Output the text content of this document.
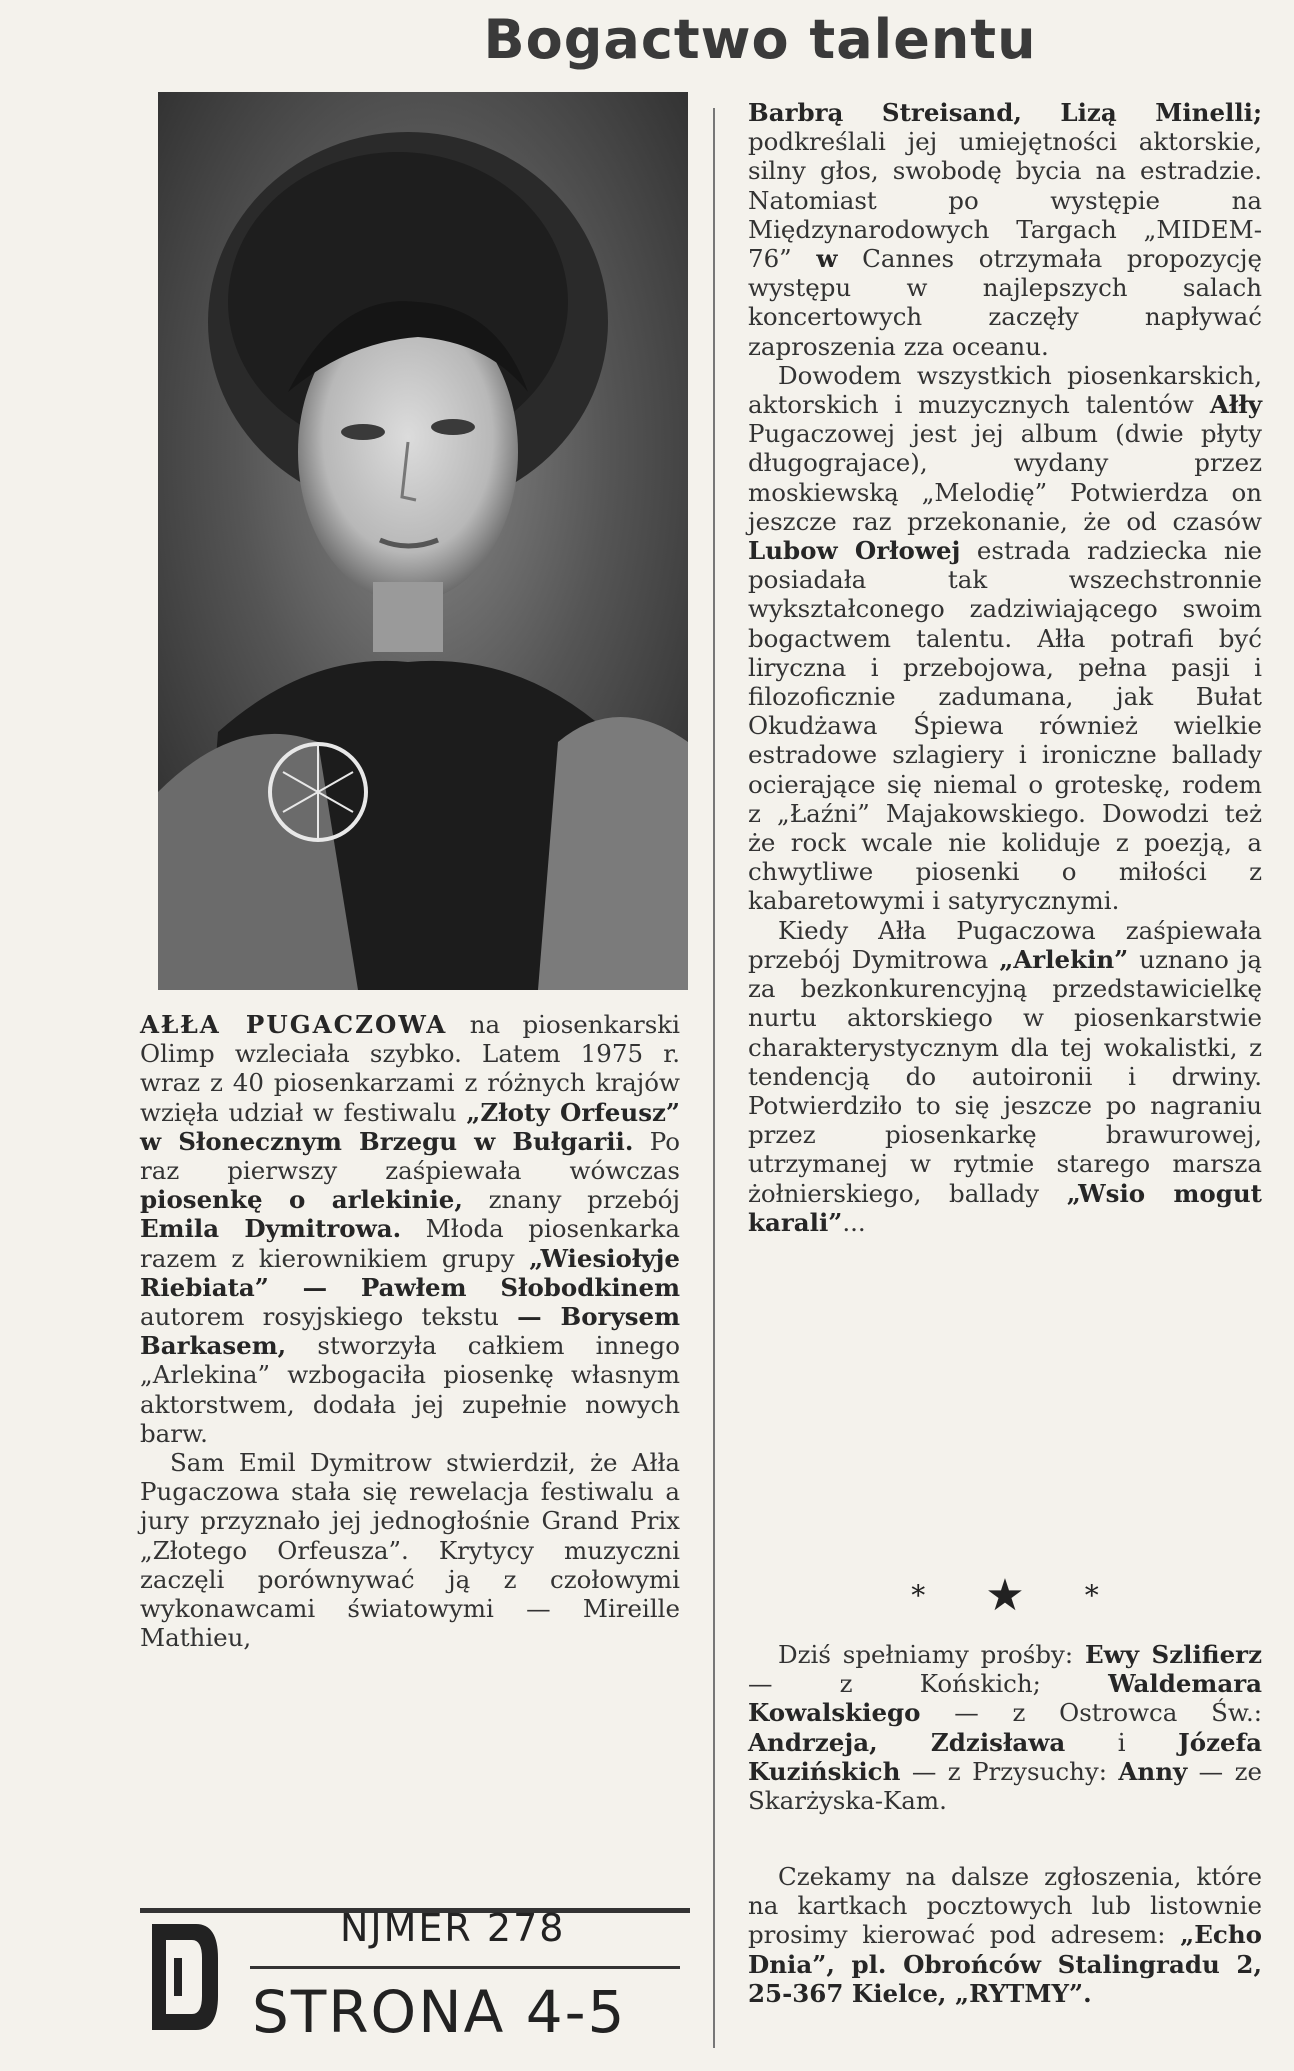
Bogactwo talentu

AŁŁA PUGACZOWA na piosenkarski Olimp wzleciała szybko. Latem 1975 r. wraz z 40 piosenkarzami z różnych krajów wzięła udział w festiwalu „Złoty Orfeusz” w Słonecznym Brzegu w Bułgarii. Po raz pierwszy zaśpiewała wówczas piosenkę o arlekinie, znany przebój Emila Dymitrowa. Młoda piosenkarka razem z kierownikiem grupy „Wiesiołyje Riebiata” — Pawłem Słobodkinem autorem rosyjskiego tekstu — Borysem Barkasem, stworzyła całkiem innego „Arlekina” wzbogaciła piosenkę własnym aktorstwem, dodała jej zupełnie nowych barw.

Sam Emil Dymitrow stwierdził, że Ałła Pugaczowa stała się rewelacja festiwalu a jury przyznało jej jednogłośnie Grand Prix „Złotego Orfeusza”. Krytycy muzyczni zaczęli porównywać ją z czołowymi wykonawcami światowymi — Mireille Mathieu,

Barbrą Streisand, Lizą Minelli; podkreślali jej umiejętności aktorskie, silny głos, swobodę bycia na estradzie. Natomiast po występie na Międzynarodowych Targach „MIDEM-76” w Cannes otrzymała propozycję występu w najlepszych salach koncertowych zaczęły napływać zaproszenia zza oceanu.

Dowodem wszystkich piosenkarskich, aktorskich i muzycznych talentów Ałły Pugaczowej jest jej album (dwie płyty długograjace), wydany przez moskiewską „Melodię” Potwierdza on jeszcze raz przekonanie, że od czasów Lubow Orłowej estrada radziecka nie posiadała tak wszechstronnie wykształconego zadziwiającego swoim bogactwem talentu. Ałła potrafi być liryczna i przebojowa, pełna pasji i filozoficznie zadumana, jak Bułat Okudżawa Śpiewa również wielkie estradowe szlagiery i ironiczne ballady ocierające się niemal o groteskę, rodem z „Łaźni” Majakowskiego. Dowodzi też że rock wcale nie koliduje z poezją, a chwytliwe piosenki o miłości z kabaretowymi i satyrycznymi.

Kiedy Ałła Pugaczowa zaśpiewała przebój Dymitrowa „Arlekin” uznano ją za bezkonkurencyjną przedstawicielkę nurtu aktorskiego w piosenkarstwie charakterystycznym dla tej wokalistki, z tendencją do autoironii i drwiny. Potwierdziło to się jeszcze po nagraniu przez piosenkarkę brawurowej, utrzymanej w rytmie starego marsza żołnierskiego, ballady „Wsio mogut karali”...

* ★ *

Dziś spełniamy prośby: Ewy Szlifierz — z Końskich; Waldemara Kowalskiego — z Ostrowca Św.: Andrzeja, Zdzisława i Józefa Kuzińskich — z Przysuchy: Anny — ze Skarżyska-Kam.

Czekamy na dalsze zgłoszenia, które na kartkach pocztowych lub listownie prosimy kierować pod adresem: „Echo Dnia”, pl. Obrońców Stalingradu 2, 25-367 Kielce, „RYTMY”.

NJMER 278
STRONA 4-5
